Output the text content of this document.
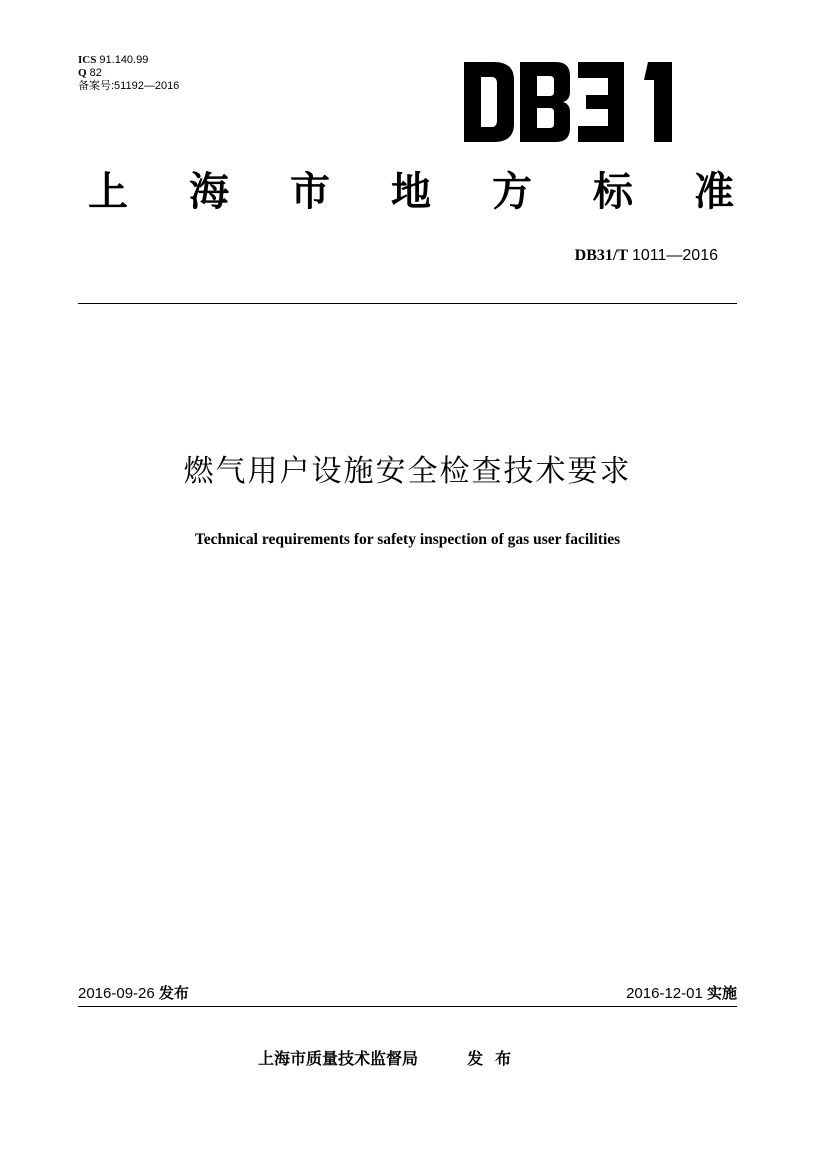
ICS 91.140.99
Q 82
备案号:51192—2016
上 海 市 地 方 标 准
DB31/T 1011—2016
燃气用户设施安全检查技术要求
Technical requirements for safety inspection of gas user facilities
2016-09-26 发布	2016-12-01 实施
上海市质量技术监督局	发布
